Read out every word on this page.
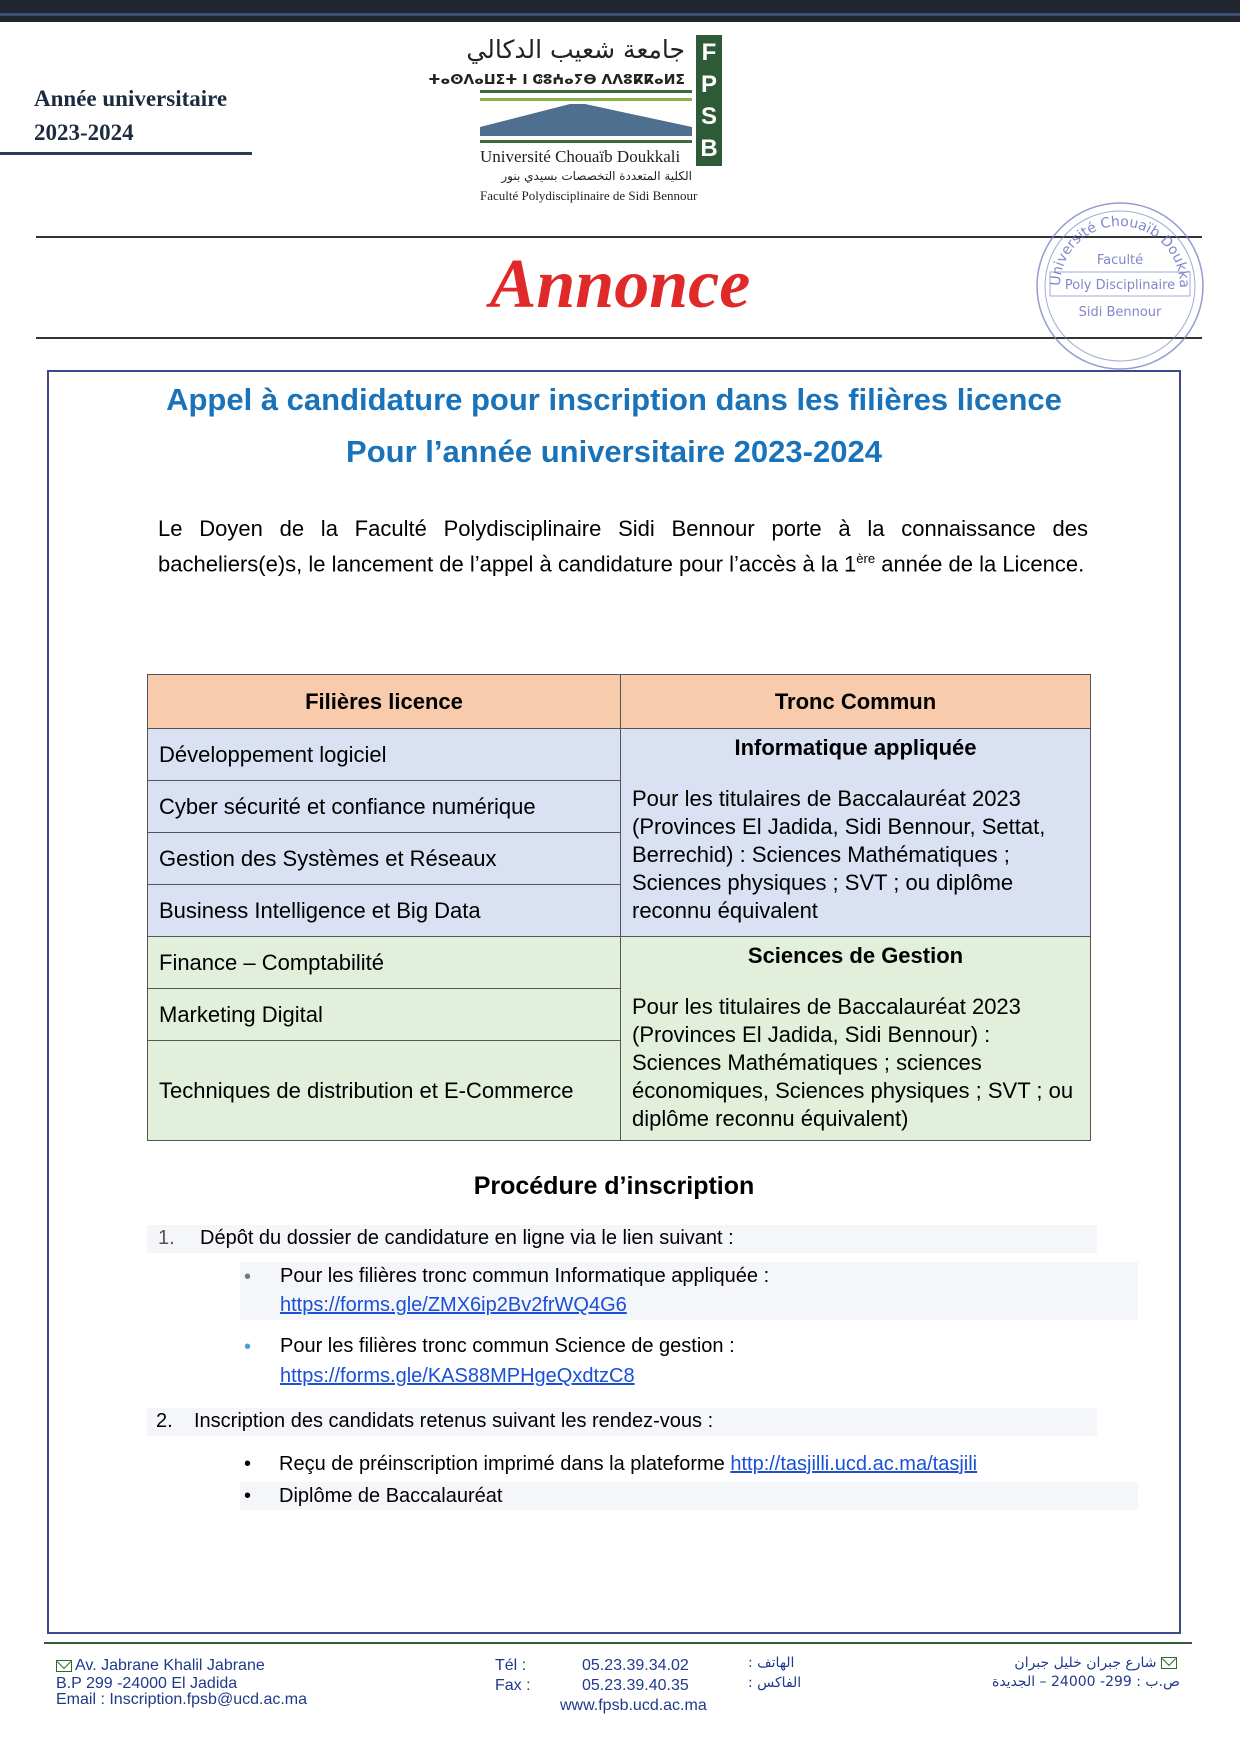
Année universitaire
2023-2024
جامعة شعيب الدكالي
ⵜⴰⵙⴷⴰⵡⵉⵜ ⵏ ⵛⵓⵄⴰⵢⴱ ⴷⴷⵓⴽⴽⴰⵍⵉ
F
P
S
B
Université Chouaïb Doukkali
الكلية المتعددة التخصصات بسيدي بنور
Faculté Polydisciplinaire de Sidi Bennour
Annonce	Université Chouaïb Doukka
Faculté
Poly Disciplinaire
Sidi Bennour
Appel à candidature pour inscription dans les filières licence
Pour l’année universitaire 2023-2024
Le Doyen de la Faculté Polydisciplinaire Sidi Bennour porte à la connaissance des bacheliers(e)s, le lancement de l’appel à candidature pour l’accès à la 1ère année de la Licence.
Filières licence	Tronc Commun
Développement logiciel	Informatique appliquée
Pour les titulaires de Baccalauréat 2023 (Provinces El Jadida, Sidi Bennour, Settat, Berrechid) : Sciences Mathématiques ; Sciences physiques ; SVT ; ou diplôme reconnu équivalent

Cyber sécurité et confiance numérique	
Gestion des Systèmes et Réseaux	
Business Intelligence et Big Data	
Finance – Comptabilité	Sciences de Gestion
Pour les titulaires de Baccalauréat 2023 (Provinces El Jadida, Sidi Bennour) : Sciences Mathématiques ; sciences économiques, Sciences physiques ; SVT ; ou diplôme reconnu équivalent)

Marketing Digital	
Techniques de distribution et E-Commerce	
Procédure d’inscription
1. Dépôt du dossier de candidature en ligne via le lien suivant :
• Pour les filières tronc commun Informatique appliquée :
https://forms.gle/ZMX6ip2Bv2frWQ4G6
• Pour les filières tronc commun Science de gestion :
https://forms.gle/KAS88MPHgeQxdtzC8
2. Inscription des candidats retenus suivant les rendez-vous :
• Reçu de préinscription imprimé dans la plateforme http://tasjilli.ucd.ac.ma/tasjili
• Diplôme de Baccalauréat
Av. Jabrane Khalil Jabrane
B.P 299 -24000 El Jadida
Email : Inscription.fpsb@ucd.ac.ma
Tél :
Fax :
05.23.39.34.02
05.23.39.40.35
www.fpsb.ucd.ac.ma
الهاتف :
الفاكس :
شارع جبران خليل جبران
ص.ب : 299- 24000 – الجديدة
